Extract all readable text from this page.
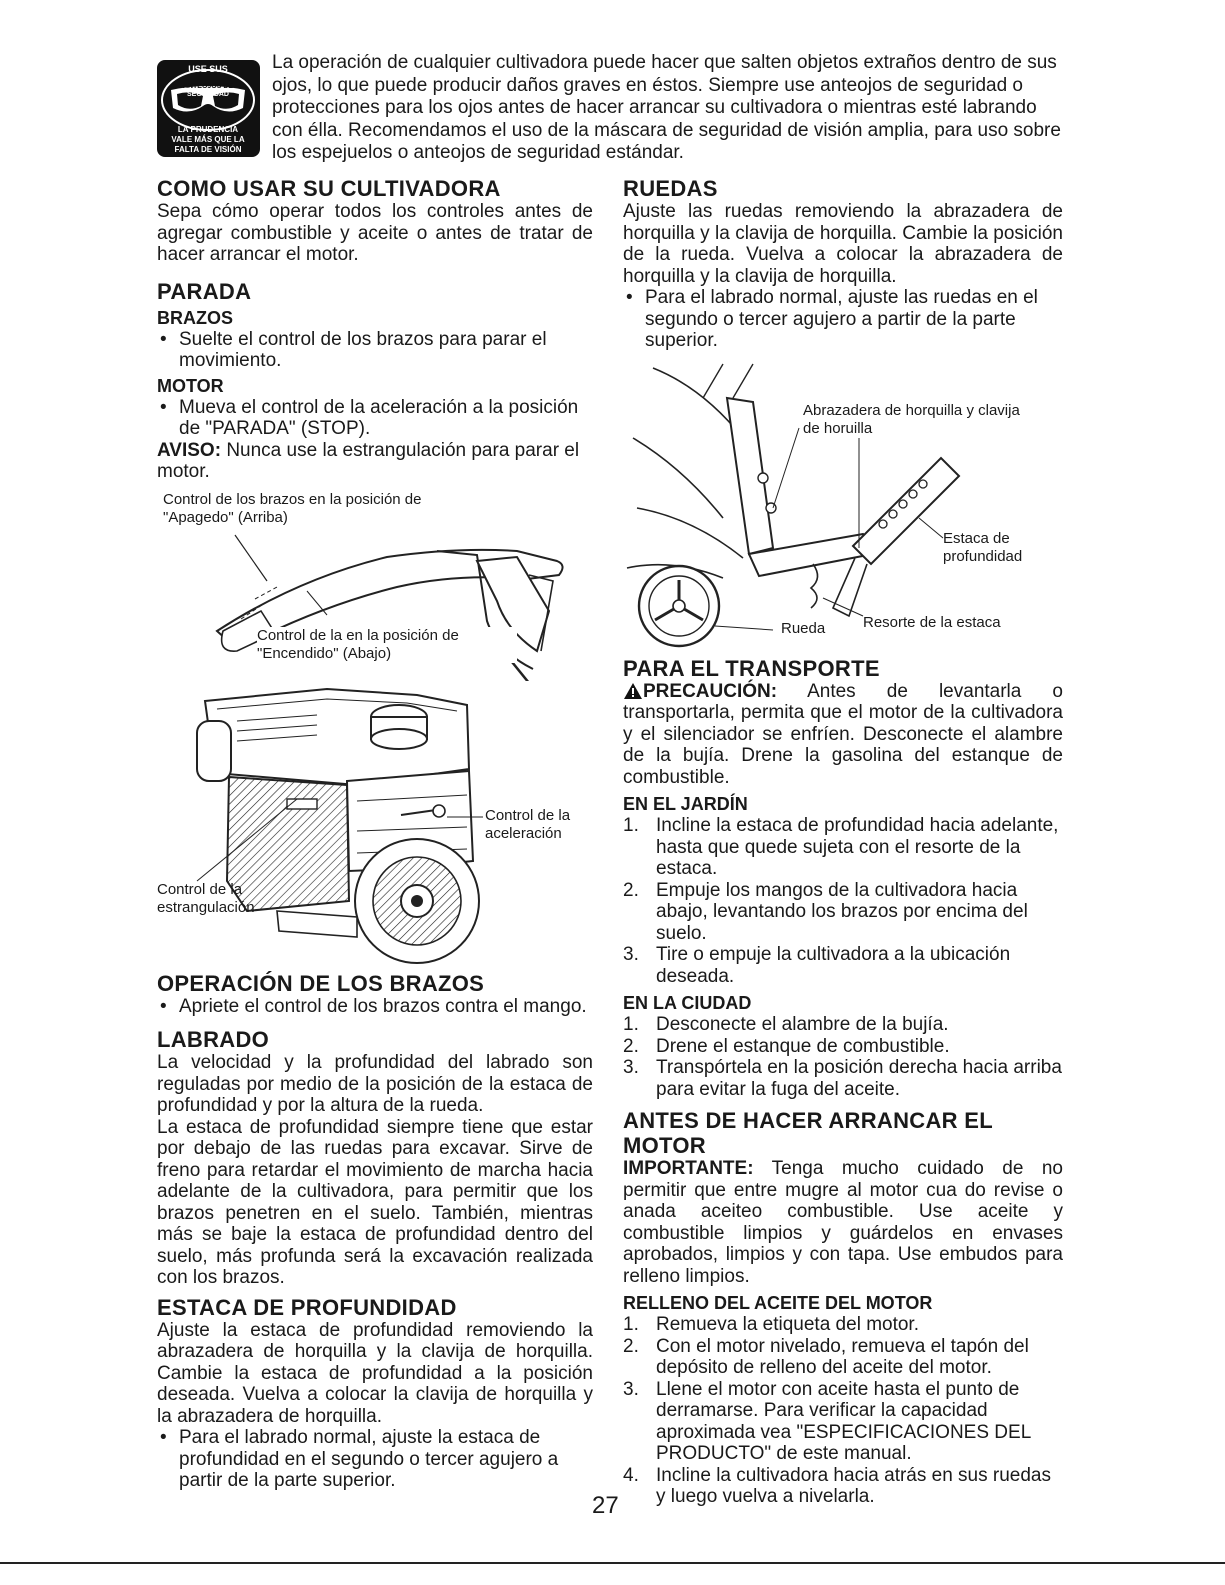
USE SUS
ANTEOJOS DE
SEGURIDAD
LA PRUDENCIA
VALE MÁS QUE LA
FALTA DE VISIÓN
La operación de cualquier cultivadora puede hacer que salten objetos extraños dentro de sus ojos, lo que puede producir daños graves en éstos. Siempre use anteojos de seguridad o protecciones para los ojos antes de hacer arrancar su cultivadora o mientras esté labrando con élla. Recomendamos el uso de la máscara de seguridad de visión amplia, para uso sobre los espejuelos o anteojos de seguridad estándar.
COMO USAR SU CULTIVADORA

Sepa cómo operar todos los controles antes de agregar combustible y aceite o antes de tratar de hacer arrancar el motor.

PARADA
BRAZOS
• Suelte el control de los brazos para parar el movimiento.
MOTOR
• Mueva el control de la aceleración a la posición de "PARADA" (STOP).

AVISO: Nunca use la estrangulación para parar el motor.

Control de los brazos en la posición de "Apagedo" (Arriba)
Control de la en la posición de "Encendido" (Abajo)
Control de la aceleración
Control de la estrangulación
OPERACIÓN DE LOS BRAZOS
• Apriete el control de los brazos contra el mango.
LABRADO

La velocidad y la profundidad del labrado son reguladas por medio de la posición de la estaca de profundidad y por la altura de la rueda.

La estaca de profundidad siempre tiene que estar por debajo de las ruedas para excavar. Sirve de freno para retardar el movimiento de marcha hacia adelante de la cultivadora, para permitir que los brazos penetren en el suelo. También, mientras más se baje la estaca de profundidad dentro del suelo, más profunda será la excavación realizada con los brazos.

ESTACA DE PROFUNDIDAD

Ajuste la estaca de profundidad removiendo la abrazadera de horquilla y la clavija de horquilla. Cambie la estaca de profundidad a la posición deseada. Vuelva a colocar la clavija de horquilla y la abrazadera de horquilla.

• Para el labrado normal, ajuste la estaca de profundidad en el segundo o tercer agujero a partir de la parte superior.
RUEDAS

Ajuste las ruedas removiendo la abrazadera de horquilla y la clavija de horquilla. Cambie la posición de la rueda. Vuelva a colocar la abrazadera de horquilla y la clavija de horquilla.

• Para el labrado normal, ajuste las ruedas en el segundo o tercer agujero a partir de la parte superior.
Abrazadera de horquilla y clavija de horuilla
Estaca de profundidad
Rueda	Resorte de la estaca
PARA EL TRANSPORTE

PRECAUCIÓN: Antes de levantarla o transportarla, permita que el motor de la cultivadora y el silenciador se enfríen. Desconecte el alambre de la bujía. Drene la gasolina del estanque de combustible.

EN EL JARDÍN
1. Incline la estaca de profundidad hacia adelante, hasta que quede sujeta con el resorte de la estaca.
2. Empuje los mangos de la cultivadora hacia abajo, levantando los brazos por encima del suelo.
3. Tire o empuje la cultivadora a la ubicación deseada.
EN LA CIUDAD
1. Desconecte el alambre de la bujía.
2. Drene el estanque de combustible.
3. Transpórtela en la posición derecha hacia arriba para evitar la fuga del aceite.
ANTES DE HACER ARRANCAR EL MOTOR

IMPORTANTE: Tenga mucho cuidado de no permitir que entre mugre al motor cua do revise o anada aceiteo combustible. Use aceite y combustible limpios y guárdelos en envases aprobados, limpios y con tapa. Use embudos para relleno limpios.

RELLENO DEL ACEITE DEL MOTOR
1. Remueva la etiqueta del motor.
2. Con el motor nivelado, remueva el tapón del depósito de relleno del aceite del motor.
3. Llene el motor con aceite hasta el punto de derramarse. Para verificar la capacidad aproximada vea "ESPECIFICACIONES DEL PRODUCTO" de este manual.
4. Incline la cultivadora hacia atrás en sus ruedas y luego vuelva a nivelarla.
27
